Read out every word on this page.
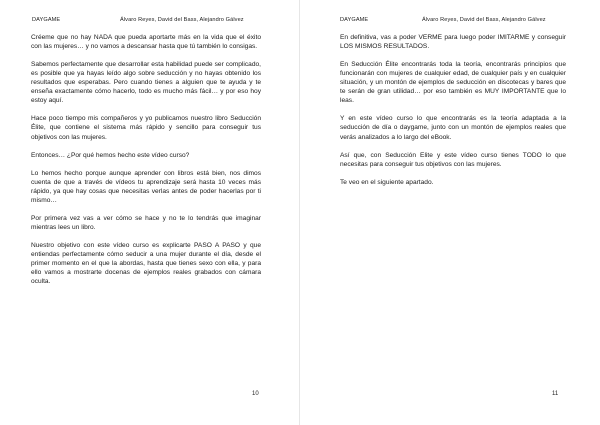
DAYGAME	Álvaro Reyes, David del Bass, Alejandro Gálvez

Créeme que no hay NADA que pueda aportarte más en la vida que el éxito con las mujeres… y no vamos a descansar hasta que tú también lo consigas.

Sabemos perfectamente que desarrollar esta habilidad puede ser complicado, es posible que ya hayas leído algo sobre seducción y no hayas obtenido los resultados que esperabas. Pero cuando tienes a alguien que te ayuda y te enseña exactamente cómo hacerlo, todo es mucho más fácil… y por eso hoy estoy aquí.

Hace poco tiempo mis compañeros y yo publicamos nuestro libro Seducción Élite, que contiene el sistema más rápido y sencillo para conseguir tus objetivos con las mujeres.

Entonces… ¿Por qué hemos hecho este vídeo curso?

Lo hemos hecho porque aunque aprender con libros está bien, nos dimos cuenta de que a través de vídeos tu aprendizaje será hasta 10 veces más rápido, ya que hay cosas que necesitas verlas antes de poder hacerlas por ti mismo…

Por primera vez vas a ver cómo se hace y no te lo tendrás que imaginar mientras lees un libro.

Nuestro objetivo con este vídeo curso es explicarte PASO A PASO y que entiendas perfectamente cómo seducir a una mujer durante el día, desde el primer momento en el que la abordas, hasta que tienes sexo con ella, y para ello vamos a mostrarte docenas de ejemplos reales grabados con cámara oculta.

10
DAYGAME	Álvaro Reyes, David del Bass, Alejandro Gálvez

En definitiva, vas a poder VERME para luego poder IMITARME y conseguir LOS MISMOS RESULTADOS.

En Seducción Élite encontrarás toda la teoría, encontrarás principios que funcionarán con mujeres de cualquier edad, de cualquier país y en cualquier situación, y un montón de ejemplos de seducción en discotecas y bares que te serán de gran utilidad… por eso también es MUY IMPORTANTE que lo leas.

Y en este vídeo curso lo que encontrarás es la teoría adaptada a la seducción de día o daygame, junto con un montón de ejemplos reales que verás analizados a lo largo del eBook.

Así que, con Seducción Elite y este vídeo curso tienes TODO lo que necesitas para conseguir tus objetivos con las mujeres.

Te veo en el siguiente apartado.

11
